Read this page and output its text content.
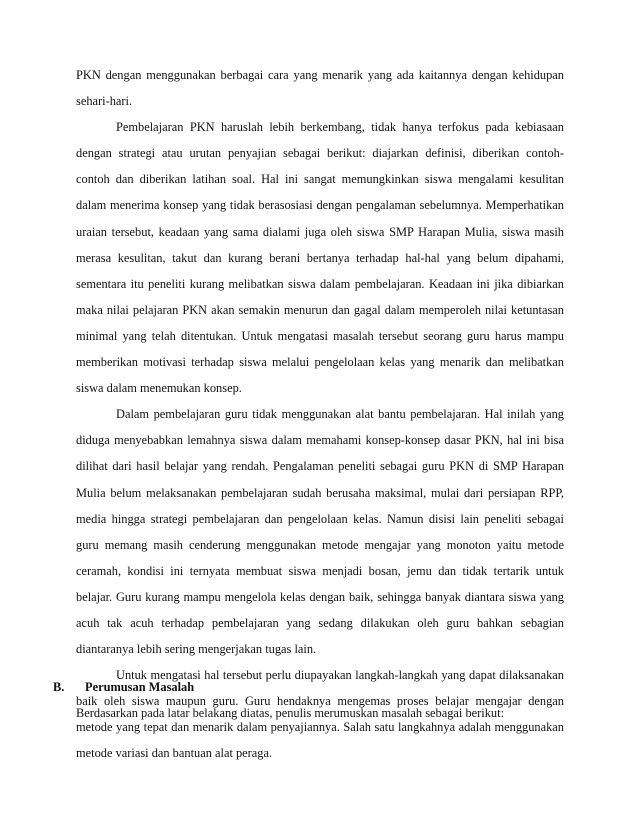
PKN dengan menggunakan berbagai cara yang menarik yang ada kaitannya dengan kehidupan
sehari-hari.
Pembelajaran PKN haruslah lebih berkembang, tidak hanya terfokus pada kebiasaan
dengan strategi atau urutan penyajian sebagai berikut: diajarkan definisi, diberikan contoh-
contoh dan diberikan latihan soal. Hal ini sangat memungkinkan siswa mengalami kesulitan
dalam menerima konsep yang tidak berasosiasi dengan pengalaman sebelumnya. Memperhatikan
uraian tersebut, keadaan yang sama dialami juga oleh siswa SMP Harapan Mulia, siswa masih
merasa kesulitan, takut dan kurang berani bertanya terhadap hal-hal yang belum dipahami,
sementara itu peneliti kurang melibatkan siswa dalam pembelajaran. Keadaan ini jika dibiarkan
maka nilai pelajaran PKN akan semakin menurun dan gagal dalam memperoleh nilai ketuntasan
minimal yang telah ditentukan. Untuk mengatasi masalah tersebut seorang guru harus mampu
memberikan motivasi terhadap siswa melalui pengelolaan kelas yang menarik dan melibatkan
siswa dalam menemukan konsep.
Dalam pembelajaran guru tidak menggunakan alat bantu pembelajaran. Hal inilah yang
diduga menyebabkan lemahnya siswa dalam memahami konsep-konsep dasar PKN, hal ini bisa
dilihat dari hasil belajar yang rendah. Pengalaman peneliti sebagai guru PKN di SMP Harapan
Mulia belum melaksanakan pembelajaran sudah berusaha maksimal, mulai dari persiapan RPP,
media hingga strategi pembelajaran dan pengelolaan kelas. Namun disisi lain peneliti sebagai
guru memang masih cenderung menggunakan metode mengajar yang monoton yaitu metode
ceramah, kondisi ini ternyata membuat siswa menjadi bosan, jemu dan tidak tertarik untuk
belajar. Guru kurang mampu mengelola kelas dengan baik, sehingga banyak diantara siswa yang
acuh tak acuh terhadap pembelajaran yang sedang dilakukan oleh guru bahkan sebagian
diantaranya lebih sering mengerjakan tugas lain.
Untuk mengatasi hal tersebut perlu diupayakan langkah-langkah yang dapat dilaksanakan
baik oleh siswa maupun guru. Guru hendaknya mengemas proses belajar mengajar dengan
metode yang tepat dan menarik dalam penyajiannya. Salah satu langkahnya adalah menggunakan
metode variasi dan bantuan alat peraga.
B. Perumusan Masalah
Berdasarkan pada latar belakang diatas, penulis merumuskan masalah sebagai berikut:
